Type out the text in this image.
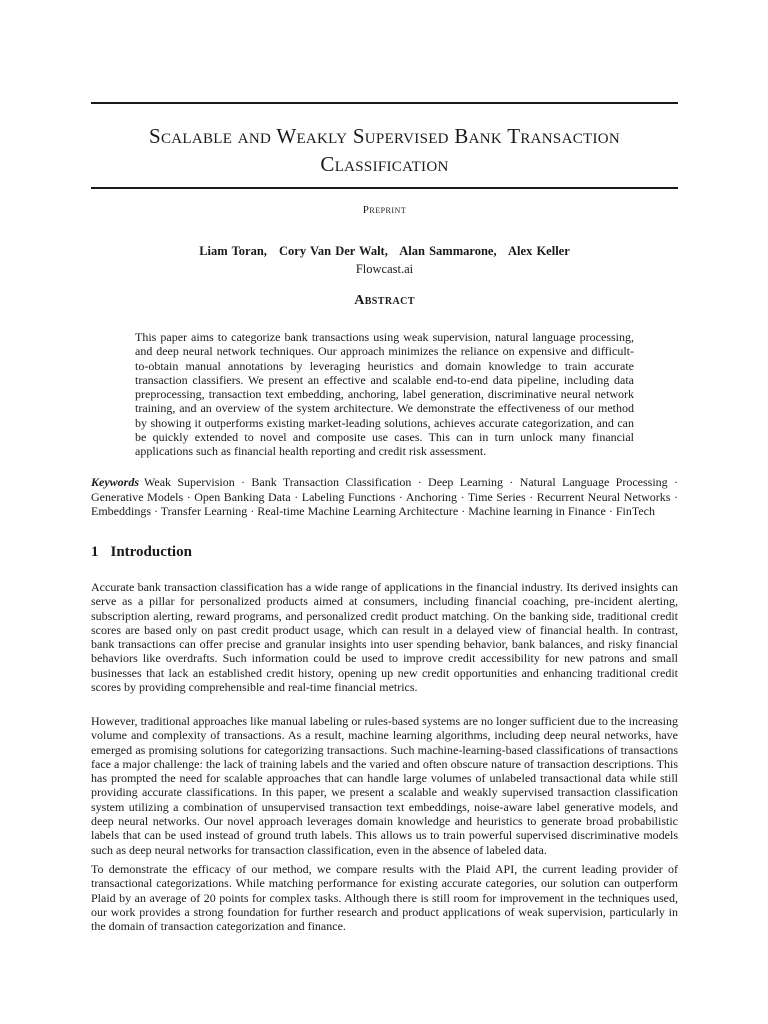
Scalable and Weakly Supervised Bank Transaction
Classification
Preprint
Liam Toran, Cory Van Der Walt, Alan Sammarone, Alex Keller
Flowcast.ai
Abstract
This paper aims to categorize bank transactions using weak supervision, natural language processing, and deep neural network techniques. Our approach minimizes the reliance on expensive and difficult-to-obtain manual annotations by leveraging heuristics and domain knowledge to train accurate transaction classifiers. We present an effective and scalable end-to-end data pipeline, including data preprocessing, transaction text embedding, anchoring, label generation, discriminative neural network training, and an overview of the system architecture. We demonstrate the effectiveness of our method by showing it outperforms existing market-leading solutions, achieves accurate categorization, and can be quickly extended to novel and composite use cases. This can in turn unlock many financial applications such as financial health reporting and credit risk assessment.
Keywords Weak Supervision · Bank Transaction Classification · Deep Learning · Natural Language Processing · Generative Models · Open Banking Data · Labeling Functions · Anchoring · Time Series · Recurrent Neural Networks · Embeddings · Transfer Learning · Real-time Machine Learning Architecture · Machine learning in Finance · FinTech
1 Introduction

Accurate bank transaction classification has a wide range of applications in the financial industry. Its derived insights can serve as a pillar for personalized products aimed at consumers, including financial coaching, pre-incident alerting, subscription alerting, reward programs, and personalized credit product matching. On the banking side, traditional credit scores are based only on past credit product usage, which can result in a delayed view of financial health. In contrast, bank transactions can offer precise and granular insights into user spending behavior, bank balances, and risky financial behaviors like overdrafts. Such information could be used to improve credit accessibility for new patrons and small businesses that lack an established credit history, opening up new credit opportunities and enhancing traditional credit scores by providing comprehensible and real-time financial metrics.

However, traditional approaches like manual labeling or rules-based systems are no longer sufficient due to the increasing volume and complexity of transactions. As a result, machine learning algorithms, including deep neural networks, have emerged as promising solutions for categorizing transactions. Such machine-learning-based classifications of transactions face a major challenge: the lack of training labels and the varied and often obscure nature of transaction descriptions. This has prompted the need for scalable approaches that can handle large volumes of unlabeled transactional data while still providing accurate classifications. In this paper, we present a scalable and weakly supervised transaction classification system utilizing a combination of unsupervised transaction text embeddings, noise-aware label generative models, and deep neural networks. Our novel approach leverages domain knowledge and heuristics to generate broad probabilistic labels that can be used instead of ground truth labels. This allows us to train powerful supervised discriminative models such as deep neural networks for transaction classification, even in the absence of labeled data.

To demonstrate the efficacy of our method, we compare results with the Plaid API, the current leading provider of transactional categorizations. While matching performance for existing accurate categories, our solution can outperform Plaid by an average of 20 points for complex tasks. Although there is still room for improvement in the techniques used, our work provides a strong foundation for further research and product applications of weak supervision, particularly in the domain of transaction categorization and finance.
